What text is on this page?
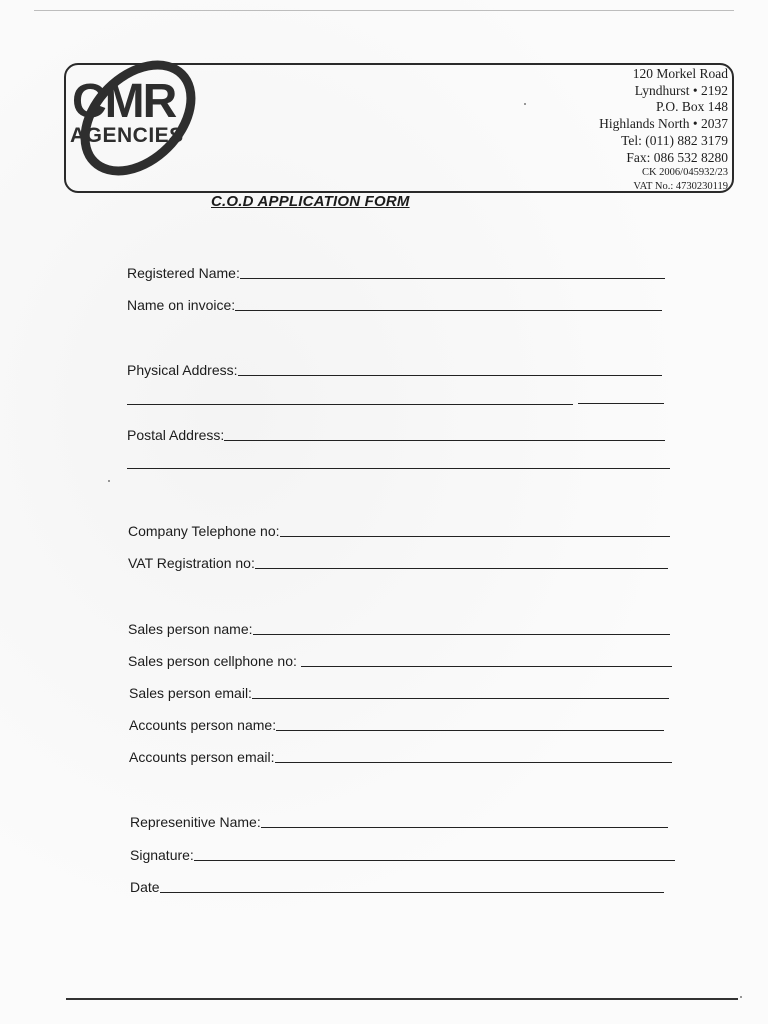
CMR
AGENCIES
120 Morkel Road
Lyndhurst • 2192
P.O. Box 148
Highlands North • 2037
Tel: (011) 882 3179
Fax: 086 532 8280
CK 2006/045932/23
VAT No.: 4730230119
C.O.D APPLICATION FORM
Registered Name:
Name on invoice:
Physical Address:
Postal Address:
Company Telephone no:
VAT Registration no:
Sales person name:
Sales person cellphone no:
Sales person email:
Accounts person name:
Accounts person email:
Represenitive Name:
Signature:
Date
